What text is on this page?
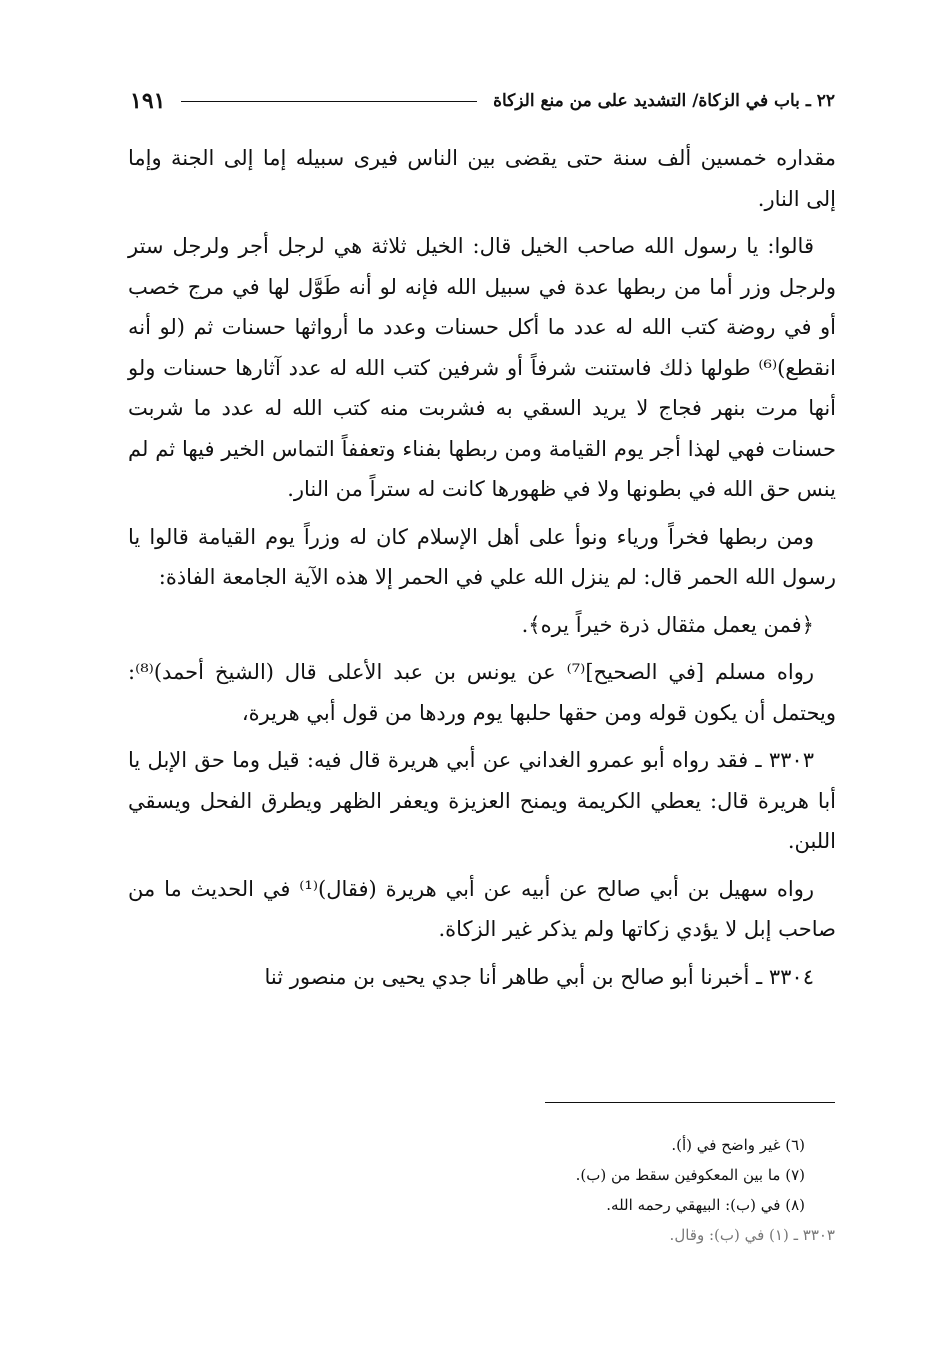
٢٢ ـ باب في الزكاة/ التشديد على من منع الزكاة
١٩١

مقداره خمسين ألف سنة حتى يقضى بين الناس فيرى سبيله إما إلى الجنة وإما إلى النار.

قالوا: يا رسول الله صاحب الخيل قال: الخيل ثلاثة هي لرجل أجر ولرجل ستر ولرجل وزر أما من ربطها عدة في سبيل الله فإنه لو أنه طَوَّل لها في مرج خصب أو في روضة كتب الله له عدد ما أكل حسنات وعدد ما أرواثها حسنات ثم (لو أنه انقطع)⁽⁶⁾ طولها ذلك فاستنت شرفاً أو شرفين كتب الله له عدد آثارها حسنات ولو أنها مرت بنهر فجاج لا يريد السقي به فشربت منه كتب الله له عدد ما شربت حسنات فهي لهذا أجر يوم القيامة ومن ربطها بفناء وتعففاً التماس الخير فيها ثم لم ينس حق الله في بطونها ولا في ظهورها كانت له ستراً من النار.

ومن ربطها فخراً ورياء ونوأ على أهل الإسلام كان له وزراً يوم القيامة قالوا يا رسول الله الحمر قال: لم ينزل الله علي في الحمر إلا هذه الآية الجامعة الفاذة:

﴿فمن يعمل مثقال ذرة خيراً يره﴾.

رواه مسلم [في الصحيح]⁽⁷⁾ عن يونس بن عبد الأعلى قال (الشيخ أحمد)⁽⁸⁾: ويحتمل أن يكون قوله ومن حقها حلبها يوم وردها من قول أبي هريرة،

٣٣٠٣ ـ فقد رواه أبو عمرو الغداني عن أبي هريرة قال فيه: قيل وما حق الإبل يا أبا هريرة قال: يعطي الكريمة ويمنح العزيزة ويعفر الظهر ويطرق الفحل ويسقي اللبن.

رواه سهيل بن أبي صالح عن أبيه عن أبي هريرة (فقال)⁽¹⁾ في الحديث ما من صاحب إبل لا يؤدي زكاتها ولم يذكر غير الزكاة.

٣٣٠٤ ـ أخبرنا أبو صالح بن أبي طاهر أنا جدي يحيى بن منصور ثنا

(٦) غير واضح في (أ).

(٧) ما بين المعكوفين سقط من (ب).

(٨) في (ب): البيهقي رحمه الله.

٣٣٠٣ ـ (١) في (ب): وقال.
